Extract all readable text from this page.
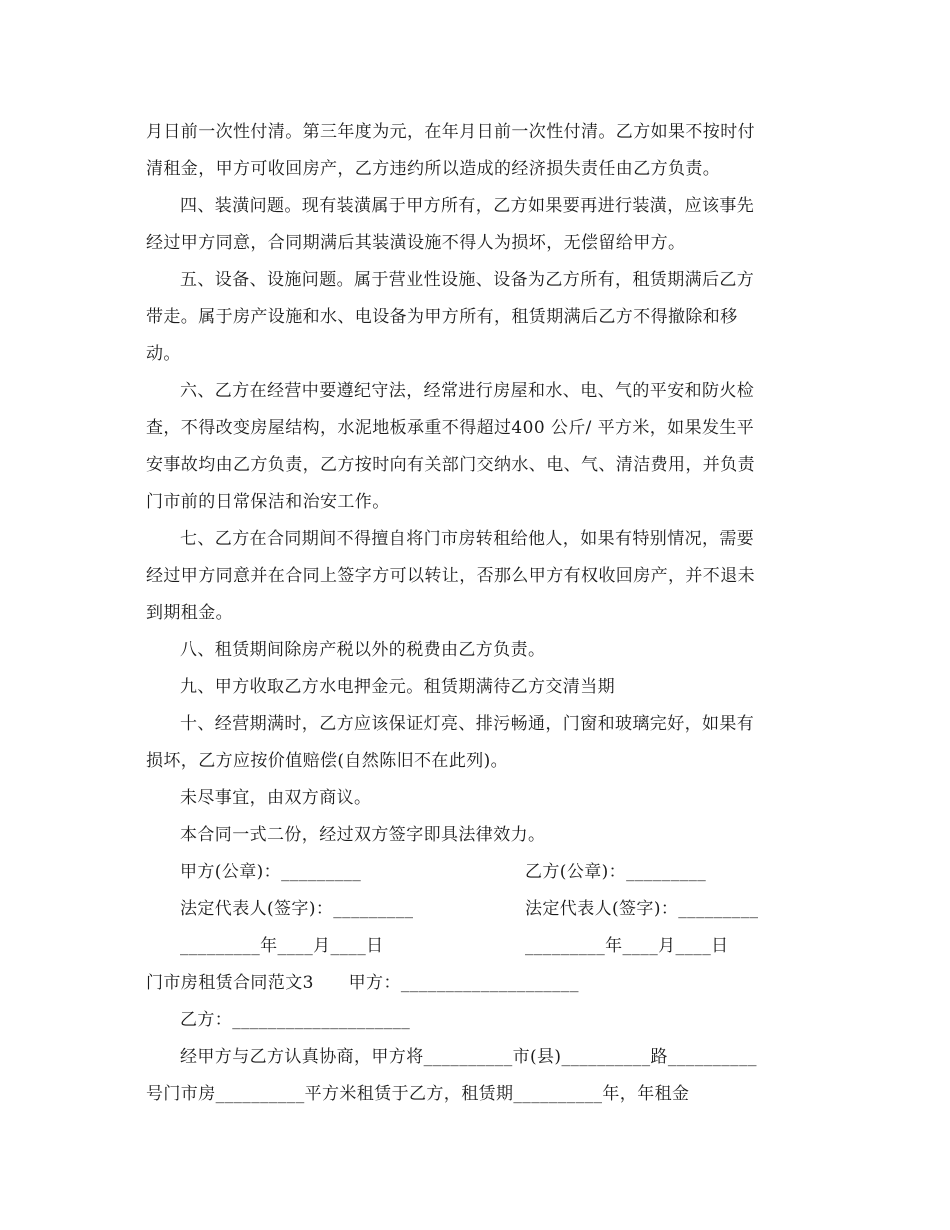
月日前一次性付清。第三年度为元，在年月日前一次性付清。乙方如果不按时付
清租金，甲方可收回房产，乙方违约所以造成的经济损失责任由乙方负责。
四、装潢问题。现有装潢属于甲方所有，乙方如果要再进行装潢，应该事先
经过甲方同意，合同期满后其装潢设施不得人为损坏，无偿留给甲方。
五、设备、设施问题。属于营业性设施、设备为乙方所有，租赁期满后乙方
带走。属于房产设施和水、电设备为甲方所有，租赁期满后乙方不得撤除和移
动。
六、乙方在经营中要遵纪守法，经常进行房屋和水、电、气的平安和防火检
查，不得改变房屋结构，水泥地板承重不得超过400 公斤/ 平方米，如果发生平
安事故均由乙方负责，乙方按时向有关部门交纳水、电、气、清洁费用，并负责
门市前的日常保洁和治安工作。
七、乙方在合同期间不得擅自将门市房转租给他人，如果有特别情况，需要
经过甲方同意并在合同上签字方可以转让，否那么甲方有权收回房产，并不退未
到期租金。
八、租赁期间除房产税以外的税费由乙方负责。
九、甲方收取乙方水电押金元。租赁期满待乙方交清当期
十、经营期满时，乙方应该保证灯亮、排污畅通，门窗和玻璃完好，如果有
损坏，乙方应按价值赔偿(自然陈旧不在此列)。
未尽事宜，由双方商议。
本合同一式二份，经过双方签字即具法律效力。
甲方(公章)：_________	乙方(公章)：_________
法定代表人(签字)：_________	法定代表人(签字)：_________
_________年____月____日	_________年____月____日
门市房租赁合同范文3      甲方：____________________
乙方：____________________
经甲方与乙方认真协商，甲方将__________市(县)__________路__________
号门市房__________平方米租赁于乙方，租赁期__________年，年租金
